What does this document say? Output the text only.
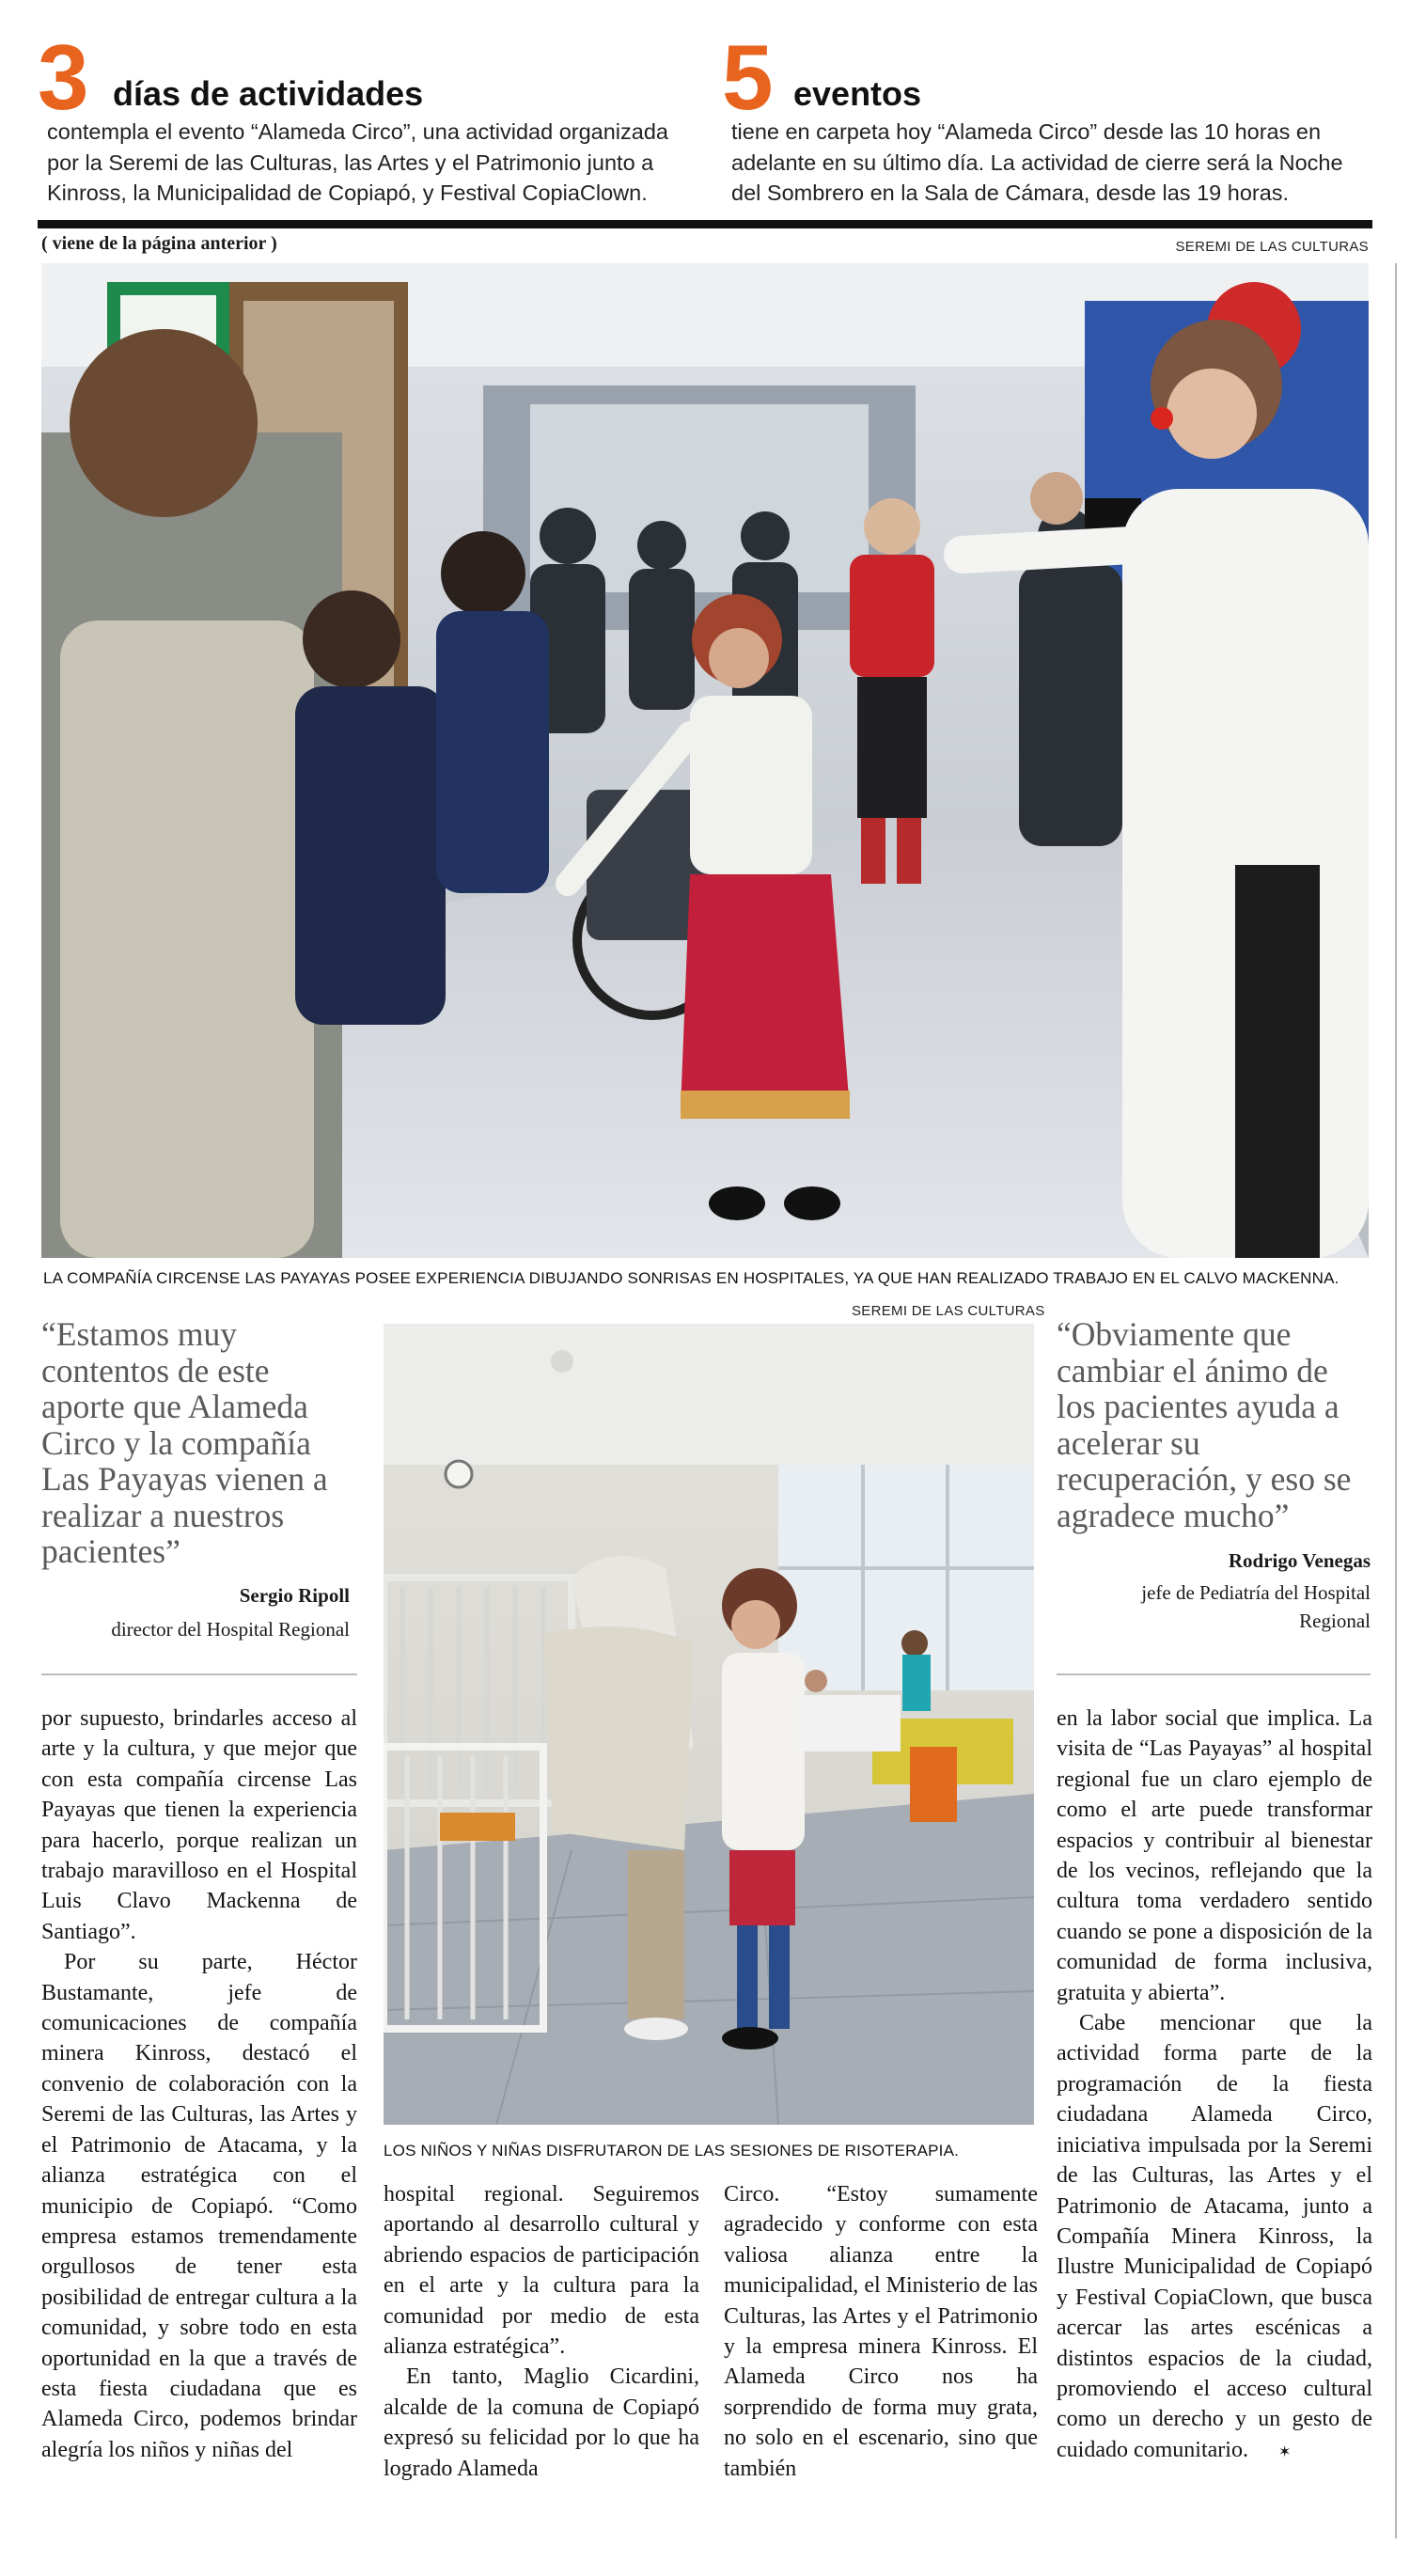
3 días de actividades
contempla el evento “Alameda Circo”, una actividad organizada por la Seremi de las Culturas, las Artes y el Patrimonio junto a Kinross, la Municipalidad de Copiapó, y Festival CopiaClown.
5 eventos
tiene en carpeta hoy “Alameda Circo” desde las 10 horas en adelante en su último día. La actividad de cierre será la Noche del Sombrero en la Sala de Cámara, desde las 19 horas.
( viene de la página anterior )	SEREMI DE LAS CULTURAS
LA COMPAÑÍA CIRCENSE LAS PAYAYAS POSEE EXPERIENCIA DIBUJANDO SONRISAS EN HOSPITALES, YA QUE HAN REALIZADO TRABAJO EN EL CALVO MACKENNA.
SEREMI DE LAS CULTURAS
“Estamos muy contentos de este aporte que Alameda Circo y la compañía Las Payayas vienen a realizar a nuestros pacientes”
Sergio Ripoll
director del Hospital Regional
“Obviamente que cambiar el ánimo de los pacientes ayuda a acelerar su recuperación, y eso se agradece mucho”
Rodrigo Venegas
jefe de Pediatría del Hospital Regional
LOS NIÑOS Y NIÑAS DISFRUTARON DE LAS SESIONES DE RISOTERAPIA.

por supuesto, brindarles acceso al arte y la cultura, y que mejor que con esta compañía circense Las Payayas que tienen la experiencia para hacerlo, porque realizan un trabajo maravilloso en el Hospital Luis Clavo Mackenna de Santiago”.

Por su parte, Héctor Bustamante, jefe de comunicaciones de compañía minera Kinross, destacó el convenio de colaboración con la Seremi de las Culturas, las Artes y el Patrimonio de Atacama, y la alianza estratégica con el municipio de Copiapó. “Como empresa estamos tremendamente orgullosos de tener esta posibilidad de entregar cultura a la comunidad, y sobre todo en esta oportunidad en la que a través de esta fiesta ciudadana que es Alameda Circo, podemos brindar alegría los niños y niñas del

hospital regional. Seguiremos aportando al desarrollo cultural y abriendo espacios de participación en el arte y la cultura para la comunidad por medio de esta alianza estratégica”.

En tanto, Maglio Cicardini, alcalde de la comuna de Copiapó expresó su felicidad por lo que ha logrado Alameda

Circo. “Estoy sumamente agradecido y conforme con esta valiosa alianza entre la municipalidad, el Ministerio de las Culturas, las Artes y el Patrimonio y la empresa minera Kinross. El Alameda Circo nos ha sorprendido de forma muy grata, no solo en el escenario, sino que también

en la labor social que implica. La visita de “Las Payayas” al hospital regional fue un claro ejemplo de como el arte puede transformar espacios y contribuir al bienestar de los vecinos, reflejando que la cultura toma verdadero sentido cuando se pone a disposición de la comunidad de forma inclusiva, gratuita y abierta”.

Cabe mencionar que la actividad forma parte de la programación de la fiesta ciudadana Alameda Circo, iniciativa impulsada por la Seremi de las Culturas, las Artes y el Patrimonio de Atacama, junto a Compañía Minera Kinross, la Ilustre Municipalidad de Copiapó y Festival CopiaClown, que busca acercar las artes escénicas a distintos espacios de la ciudad, promoviendo el acceso cultural como un derecho y un gesto de cuidado comunitario. ✶
